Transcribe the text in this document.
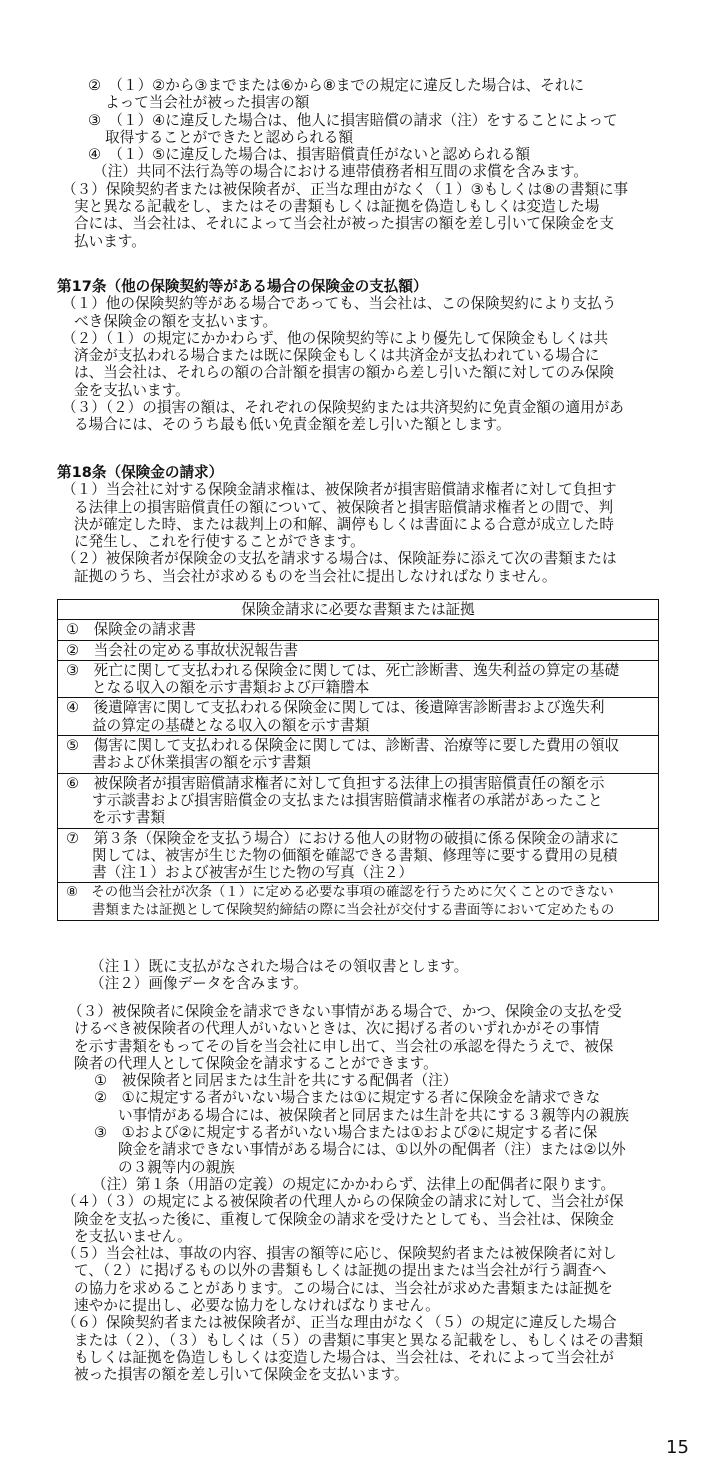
②　（１）②から③までまたは⑥から⑧までの規定に違反した場合は、それに
よって当会社が被った損害の額

③　（１）④に違反した場合は、他人に損害賠償の請求（注）をすることによって
取得することができたと認められる額

④　（１）⑤に違反した場合は、損害賠償責任がないと認められる額

（注）共同不法行為等の場合における連帯債務者相互間の求償を含みます。

（３）保険契約者または被保険者が、正当な理由がなく（１）③もしくは⑧の書類に事
実と異なる記載をし、またはその書類もしくは証拠を偽造しもしくは変造した場
合には、当会社は、それによって当会社が被った損害の額を差し引いて保険金を支
払います。

第17条（他の保険契約等がある場合の保険金の支払額）

（１）他の保険契約等がある場合であっても、当会社は、この保険契約により支払う
べき保険金の額を支払います。

（２）（１）の規定にかかわらず、他の保険契約等により優先して保険金もしくは共
済金が支払われる場合または既に保険金もしくは共済金が支払われている場合に
は、当会社は、それらの額の合計額を損害の額から差し引いた額に対してのみ保険
金を支払います。

（３）（２）の損害の額は、それぞれの保険契約または共済契約に免責金額の適用があ
る場合には、そのうち最も低い免責金額を差し引いた額とします。

第18条（保険金の請求）

（１）当会社に対する保険金請求権は、被保険者が損害賠償請求権者に対して負担す
る法律上の損害賠償責任の額について、被保険者と損害賠償請求権者との間で、判
決が確定した時、または裁判上の和解、調停もしくは書面による合意が成立した時
に発生し、これを行使することができます。

（２）被保険者が保険金の支払を請求する場合は、保険証券に添えて次の書類または
証拠のうち、当会社が求めるものを当会社に提出しなければなりません。

保険金請求に必要な書類または証拠

①　保険金の請求書

②　当会社の定める事故状況報告書

③　死亡に関して支払われる保険金に関しては、死亡診断書、逸失利益の算定の基礎
となる収入の額を示す書類および戸籍謄本

④　後遺障害に関して支払われる保険金に関しては、後遺障害診断書および逸失利
益の算定の基礎となる収入の額を示す書類

⑤　傷害に関して支払われる保険金に関しては、診断書、治療等に要した費用の領収
書および休業損害の額を示す書類

⑥　被保険者が損害賠償請求権者に対して負担する法律上の損害賠償責任の額を示
す示談書および損害賠償金の支払または損害賠償請求権者の承諾があったこと
を示す書類

⑦　第３条（保険金を支払う場合）における他人の財物の破損に係る保険金の請求に
関しては、被害が生じた物の価額を確認できる書類、修理等に要する費用の見積
書（注１）および被害が生じた物の写真（注２）

⑧　その他当会社が次条（１）に定める必要な事項の確認を行うために欠くことのできない
書類または証拠として保険契約締結の際に当会社が交付する書面等において定めたもの

（注１）既に支払がなされた場合はその領収書とします。

（注２）画像データを含みます。

（３）被保険者に保険金を請求できない事情がある場合で、かつ、保険金の支払を受
けるべき被保険者の代理人がいないときは、次に掲げる者のいずれかがその事情
を示す書類をもってその旨を当会社に申し出て、当会社の承認を得たうえで、被保
険者の代理人として保険金を請求することができます。

①　被保険者と同居または生計を共にする配偶者（注）

②　①に規定する者がいない場合または①に規定する者に保険金を請求できな
い事情がある場合には、被保険者と同居または生計を共にする３親等内の親族

③　①および②に規定する者がいない場合または①および②に規定する者に保
険金を請求できない事情がある場合には、①以外の配偶者（注）または②以外
の３親等内の親族

（注）第１条（用語の定義）の規定にかかわらず、法律上の配偶者に限ります。

（４）（３）の規定による被保険者の代理人からの保険金の請求に対して、当会社が保
険金を支払った後に、重複して保険金の請求を受けたとしても、当会社は、保険金
を支払いません。

（５）当会社は、事故の内容、損害の額等に応じ、保険契約者または被保険者に対し
て、（２）に掲げるもの以外の書類もしくは証拠の提出または当会社が行う調査へ
の協力を求めることがあります。この場合には、当会社が求めた書類または証拠を
速やかに提出し、必要な協力をしなければなりません。

（６）保険契約者または被保険者が、正当な理由がなく（５）の規定に違反した場合
または（２）、（３）もしくは（５）の書類に事実と異なる記載をし、もしくはその書類
もしくは証拠を偽造しもしくは変造した場合は、当会社は、それによって当会社が
被った損害の額を差し引いて保険金を支払います。

15
